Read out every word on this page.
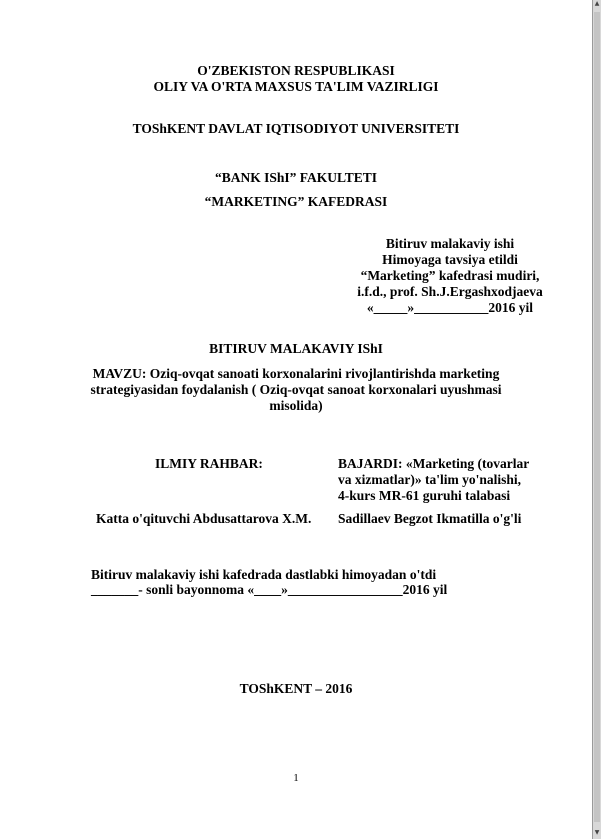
O'ZBEKISTON RESPUBLIKASI
OLIY VA O'RTA MAXSUS TA'LIM VAZIRLIGI
TOShKENT DAVLAT IQTISODIYOT UNIVERSITETI
“BANK IShI” FAKULTETI
“MARKETING” KAFEDRASI
Bitiruv malakaviy ishi
Himoyaga tavsiya etildi
“Marketing” kafedrasi mudiri,
i.f.d., prof. Sh.J.Ergashxodjaeva
«_____»___________2016 yil
BITIRUV MALAKAVIY IShI
MAVZU: Oziq-ovqat sanoati korxonalarini rivojlantirishda marketing
strategiyasidan foydalanish ( Oziq-ovqat sanoat korxonalari uyushmasi
misolida)
ILMIY RAHBAR:	BAJARDI: «Marketing (tovarlar
va xizmatlar)» ta'lim yo'nalishi,
4-kurs MR-61 guruhi talabasi
Katta o'qituvchi Abdusattarova X.M. Sadillaev Begzot Ikmatilla o'g'li
Bitiruv malakaviy ishi kafedrada dastlabki himoyadan o'tdi
_______- sonli bayonnoma «____»_________________2016 yil
TOShKENT – 2016
1
▲
▼
